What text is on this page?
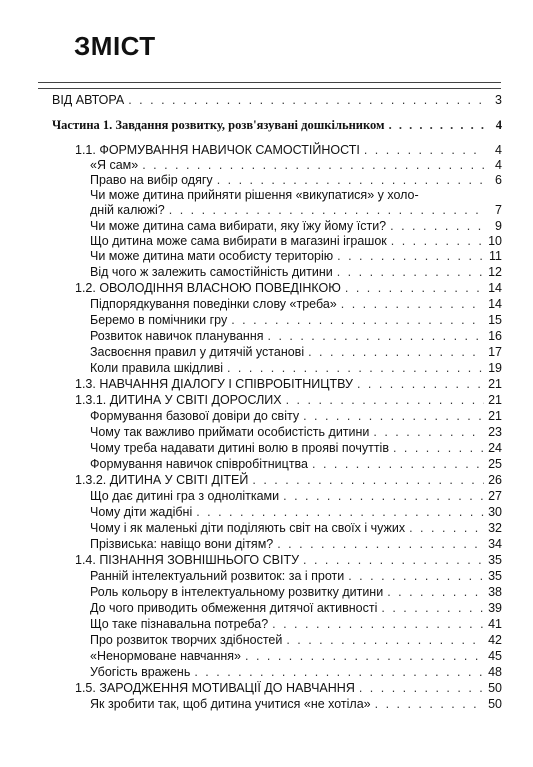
ЗМІСТ
ВІД АВТОРА . . .	3
Частина 1. Завдання розвитку, розв'язувані дошкільником . . .	4
1.1. ФОРМУВАННЯ НАВИЧОК САМОСТІЙНОСТІ . . .	4
«Я сам» . . .	4
Право на вибір одягу . . .	6
Чи може дитина прийняти рішення «викупатися» у холо-
дній калюжі? . . .	7
Чи може дитина сама вибирати, яку їжу йому їсти? . . .	9
Що дитина може сама вибирати в магазині іграшок . . .	10
Чи може дитина мати особисту територію . . .	11
Від чого ж залежить самостійність дитини . . .	12
1.2. ОВОЛОДІННЯ ВЛАСНОЮ ПОВЕДІНКОЮ . . .	14
Підпорядкування поведінки слову «треба» . . .	14
Беремо в помічники гру . . .	15
Розвиток навичок планування . . .	16
Засвоєння правил у дитячій установі . . .	17
Коли правила шкідливі . . .	19
1.3. НАВЧАННЯ ДІАЛОГУ І СПІВРОБІТНИЦТВУ . . .	21
1.3.1. ДИТИНА У СВІТІ ДОРОСЛИХ . . .	21
Формування базової довіри до світу . . .	21
Чому так важливо приймати особистість дитини . . .	23
Чому треба надавати дитині волю в прояві почуттів . . .	24
Формування навичок співробітництва . . .	25
1.3.2. ДИТИНА У СВІТІ ДІТЕЙ . . .	26
Що дає дитині гра з однолітками . . .	27
Чому діти жадібні . . .	30
Чому і як маленькі діти поділяють світ на своїх і чужих . . .	32
Прізвиська: навіщо вони дітям? . . .	34
1.4. ПІЗНАННЯ ЗОВНІШНЬОГО СВІТУ . . .	35
Ранній інтелектуальний розвиток: за і проти . . .	35
Роль кольору в інтелектуальному розвитку дитини . . .	38
До чого приводить обмеження дитячої активності . . .	39
Що таке пізнавальна потреба? . . .	41
Про розвиток творчих здібностей . . .	42
«Ненормоване навчання» . . .	45
Убогість вражень . . .	48
1.5. ЗАРОДЖЕННЯ МОТИВАЦІЇ ДО НАВЧАННЯ . . .	50
Як зробити так, щоб дитина учитися «не хотіла» . . .	50
